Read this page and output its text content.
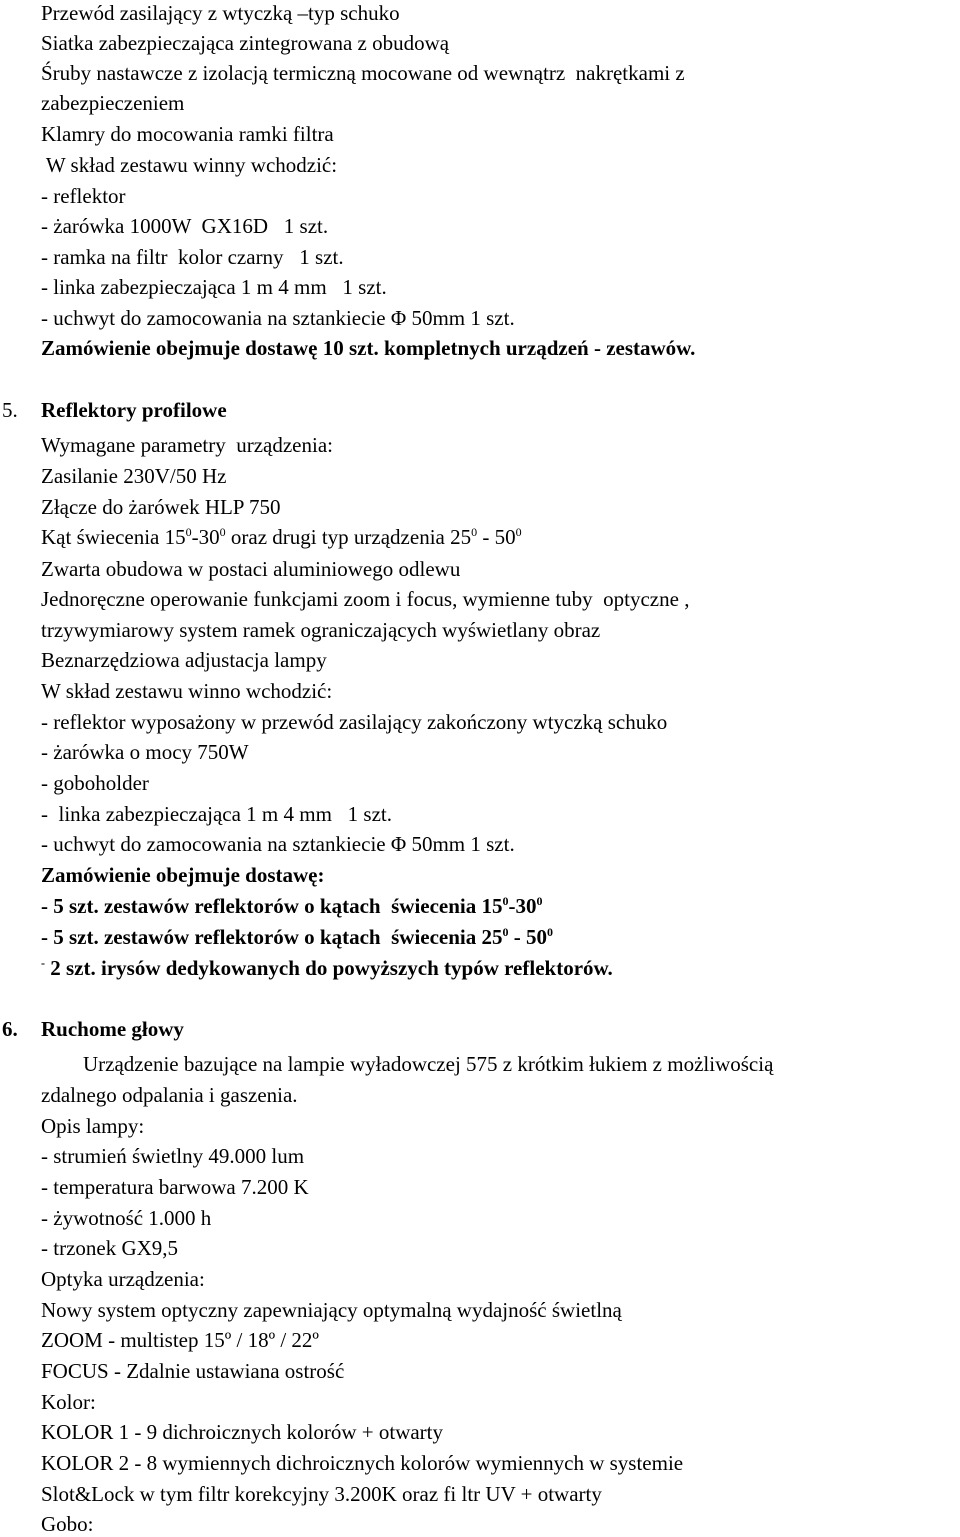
Przewód zasilający z wtyczką –typ schuko
Siatka zabezpieczająca zintegrowana z obudową
Śruby nastawcze z izolacją termiczną mocowane od wewnątrz  nakrętkami z
zabezpieczeniem
Klamry do mocowania ramki filtra
W skład zestawu winny wchodzić:
- reflektor
- żarówka 1000W  GX16D   1 szt.
- ramka na filtr  kolor czarny   1 szt.
- linka zabezpieczająca 1 m 4 mm   1 szt.
- uchwyt do zamocowania na sztankiecie Φ 50mm 1 szt.
Zamówienie obejmuje dostawę 10 szt. kompletnych urządzeń - zestawów.
5. Reflektory profilowe
Wymagane parametry  urządzenia:
Zasilanie 230V/50 Hz
Złącze do żarówek HLP 750
Kąt świecenia $15^0-30^0$ oraz drugi typ urządzenia $25^0 - 50^0$
Zwarta obudowa w postaci aluminiowego odlewu
Jednoręczne operowanie funkcjami zoom i focus, wymienne tuby  optyczne ,
trzywymiarowy system ramek ograniczających wyświetlany obraz
Beznarzędziowa adjustacja lampy
W skład zestawu winno wchodzić:
- reflektor wyposażony w przewód zasilający zakończony wtyczką schuko
- żarówka o mocy 750W
- goboholder
-  linka zabezpieczająca 1 m 4 mm   1 szt.
- uchwyt do zamocowania na sztankiecie Φ 50mm 1 szt.
Zamówienie obejmuje dostawę:
- 5 szt. zestawów reflektorów o kątach  świecenia $15^0-30^0$
- 5 szt. zestawów reflektorów o kątach  świecenia $25^0 - 50^0$
- 2 szt. irysów dedykowanych do powyższych typów reflektorów.
6. Ruchome głowy
Urządzenie bazujące na lampie wyładowczej 575 z krótkim łukiem z możliwością
zdalnego odpalania i gaszenia.
Opis lampy:
- strumień świetlny 49.000 lum
- temperatura barwowa 7.200 K
- żywotność 1.000 h
- trzonek GX9,5
Optyka urządzenia:
Nowy system optyczny zapewniający optymalną wydajność świetlną
ZOOM - multistep 15º / 18º / 22º
FOCUS - Zdalnie ustawiana ostrość
Kolor:
KOLOR 1 - 9 dichroicznych kolorów + otwarty
KOLOR 2 - 8 wymiennych dichroicznych kolorów wymiennych w systemie
Slot&Lock w tym filtr korekcyjny 3.200K oraz fi ltr UV + otwarty
Gobo:
